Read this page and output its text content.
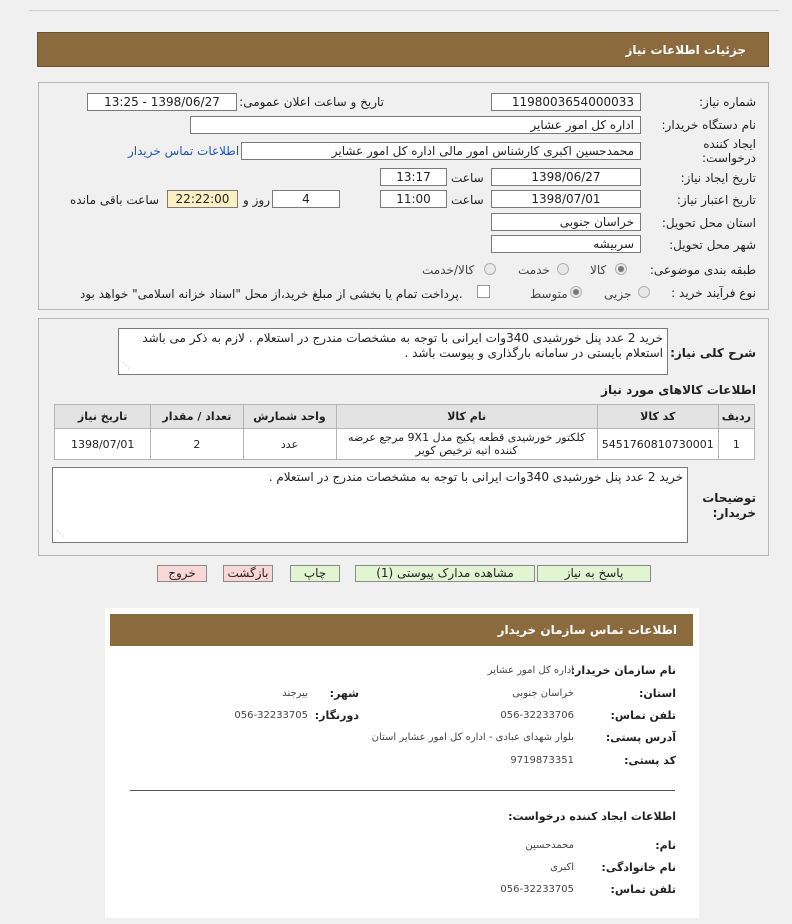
جزئیات اطلاعات نیاز
شماره نیاز:
1198003654000033
تاریخ و ساعت اعلان عمومی:
1398/06/27 - 13:25
نام دستگاه خریدار:
اداره کل امور عشایر
ایجاد کننده درخواست:
محمدحسین اکبری کارشناس امور مالی اداره کل امور عشایر
اطلاعات تماس خریدار
تاریخ ایجاد نیاز:
1398/06/27
ساعت
13:17
تاریخ اعتبار نیاز:
1398/07/01
ساعت
11:00
4
روز و
22:22:00
ساعت باقی مانده
استان محل تحویل:
خراسان جنوبی
شهر محل تحویل:
سربیشه
طبقه بندی موضوعی:
کالا
خدمت
کالا/خدمت
نوع فرآیند خرید :
جزیی
متوسط
پرداخت تمام یا بخشی از مبلغ خرید،از محل "اسناد خزانه اسلامی" خواهد بود.
شرح کلی نیاز:
خرید 2 عدد پنل خورشیدی 340وات ایرانی با توجه به مشخصات مندرج در استعلام . لازم به ذکر می باشد استعلام بایستی در سامانه بارگذاری و پیوست باشد .
⋰
اطلاعات کالاهای مورد نیاز
ردیف	کد کالا	نام کالا	واحد شمارش	تعداد / مقدار	تاریخ نیاز
1	5451760810730001	کلکتور خورشیدی قطعه پکیج مدل 9X1 مرجع عرضه کننده اتیه ترخیص کویر	عدد	2	1398/07/01
توضیحات خریدار:
خرید 2 عدد پنل خورشیدی 340وات ایرانی با توجه به مشخصات مندرج در استعلام .
⋰
پاسخ به نیاز
مشاهده مدارک پیوستی (1)
چاپ
بازگشت
خروج
اطلاعات تماس سازمان خریدار
نام سازمان خریدار:
اداره کل امور عشایر
استان:
خراسان جنوبی
شهر:
بیرجند
تلفن تماس:
056-32233706
دورنگار:
056-32233705
آدرس پستی:
بلوار شهدای عبادی - اداره کل امور عشایر استان
کد پستی:
9719873351
اطلاعات ایجاد کننده درخواست:
نام:
محمدحسین
نام خانوادگی:
اکبری
تلفن تماس:
056-32233705
